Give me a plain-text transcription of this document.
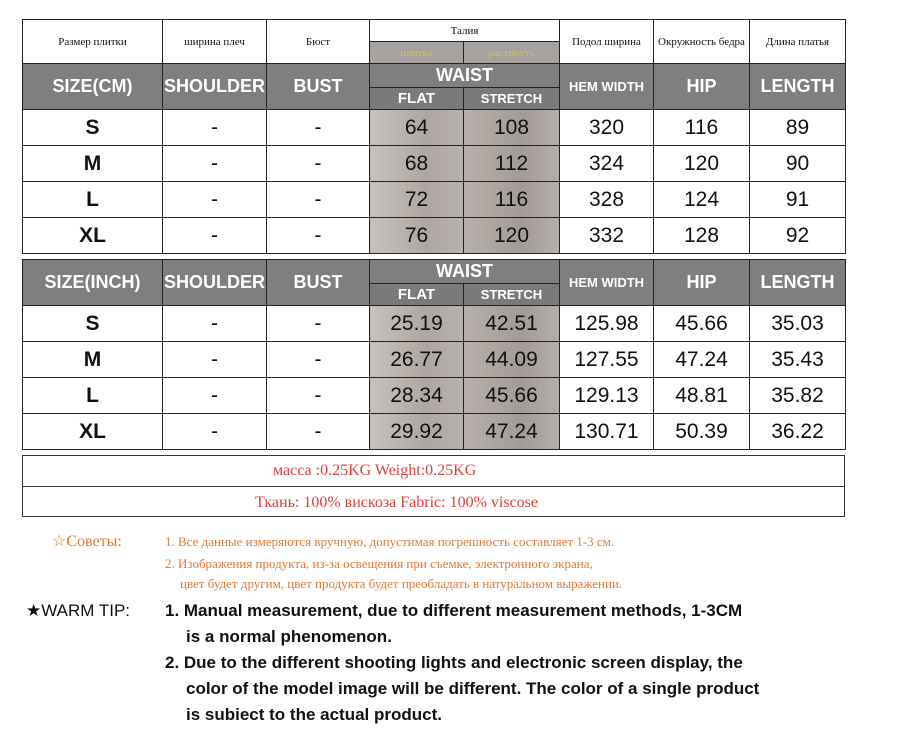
Размер плитки	ширина плеч	Бюст	Талия		Подол ширина	Окружность бедра	Длина платья
			плитка	растянуть			
SIZE(CM)	SHOULDER	BUST	WAIST		HEM WIDTH	HIP	LENGTH
			FLAT	STRETCH			
S	-	-	64	108	320	116	89
M	-	-	68	112	324	120	90
L	-	-	72	116	328	124	91
XL	-	-	76	120	332	128	92
SIZE(INCH)	SHOULDER	BUST	WAIST		HEM WIDTH	HIP	LENGTH
			FLAT	STRETCH			
S	-	-	25.19	42.51	125.98	45.66	35.03
M	-	-	26.77	44.09	127.55	47.24	35.43
L	-	-	28.34	45.66	129.13	48.81	35.82
XL	-	-	29.92	47.24	130.71	50.39	36.22
масса :0.25KG Weight:0.25KG
Ткань: 100% вискоза Fabric: 100% viscose
☆Советы:	1. Все данные измеряются вручную, допустимая погрешность составляет 1-3 см.
2. Изображения продукта, из-за освещения при съемке, электронного экрана,
цвет будет другим, цвет продукта будет преобладать в натуральном выражении.
★WARM TIP: 1. Manual measurement, due to different measurement methods, 1-3CM
is a normal phenomenon.
2. Due to the different shooting lights and electronic screen display, the
color of the model image will be different. The color of a single product
is subiect to the actual product.
